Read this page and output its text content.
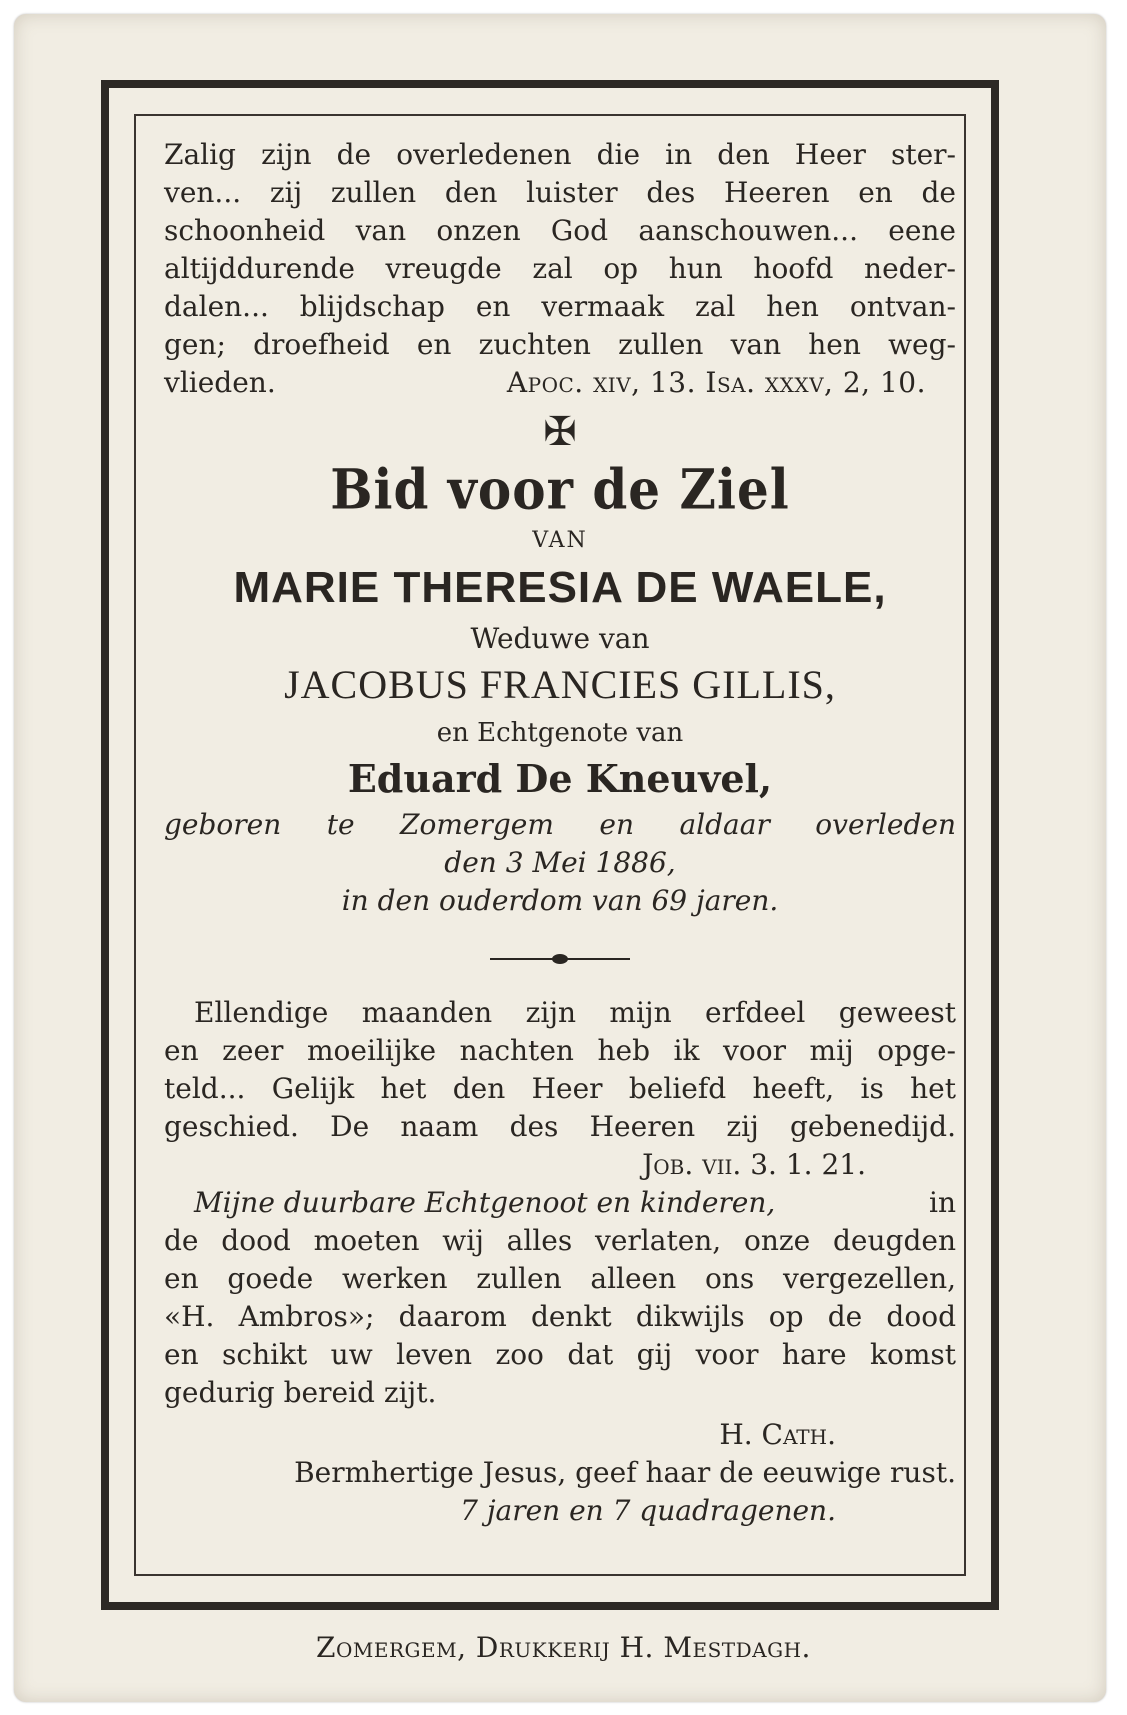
Zalig zijn de overledenen die in den Heer ster-
ven... zij zullen den luister des Heeren en de
schoonheid van onzen God aanschouwen... eene
altijddurende vreugde zal op hun hoofd neder-
dalen... blijdschap en vermaak zal hen ontvan-
gen; droefheid en zuchten zullen van hen weg-
vlieden.	Apoc. xiv, 13. Isa. xxxv, 2, 10.
✠
Bid voor de Ziel
VAN
MARIE THERESIA DE WAELE,
Weduwe van
JACOBUS FRANCIES GILLIS,
en Echtgenote van
Eduard De Kneuvel,
geboren te Zomergem en aldaar overleden
den 3 Mei 1886,
in den ouderdom van 69 jaren.
Ellendige maanden zijn mijn erfdeel geweest
en zeer moeilijke nachten heb ik voor mij opge-
teld... Gelijk het den Heer beliefd heeft, is het
geschied. De naam des Heeren zij gebenedijd.
Job. vii. 3. 1. 21.
Mijne duurbare Echtgenoot en kinderen,	in
de dood moeten wij alles verlaten, onze deugden
en goede werken zullen alleen ons vergezellen,
«H. Ambros»; daarom denkt dikwijls op de dood
en schikt uw leven zoo dat gij voor hare komst
gedurig bereid zijt.
H. Cath.
Bermhertige Jesus, geef haar de eeuwige rust.
7 jaren en 7 quadragenen.
Zomergem, Drukkerij H. Mestdagh.
